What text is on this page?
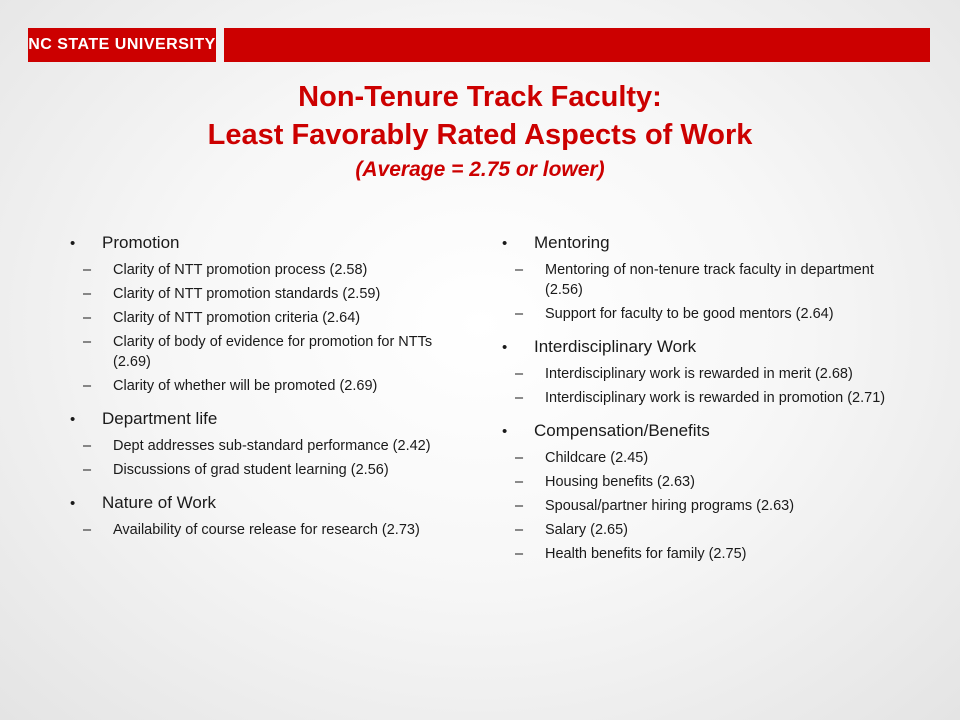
NC STATE UNIVERSITY
Non-Tenure Track Faculty:
Least Favorably Rated Aspects of Work
(Average = 2.75 or lower)
•	Promotion
–	Clarity of NTT promotion process (2.58)
–	Clarity of NTT promotion standards (2.59)
–	Clarity of NTT promotion criteria (2.64)
–	Clarity of body of evidence for promotion for NTTs (2.69)
–	Clarity of whether will be promoted (2.69)
•	Department life
–	Dept addresses sub-standard performance (2.42)
–	Discussions of grad student learning (2.56)
•	Nature of Work
–	Availability of course release for research (2.73)
•	Mentoring
–	Mentoring of non-tenure track faculty in department (2.56)
–	Support for faculty to be good mentors (2.64)
•	Interdisciplinary Work
–	Interdisciplinary work is rewarded in merit (2.68)
–	Interdisciplinary work is rewarded in promotion (2.71)
•	Compensation/Benefits
–	Childcare (2.45)
–	Housing benefits (2.63)
–	Spousal/partner hiring programs (2.63)
–	Salary (2.65)
–	Health benefits for family (2.75)
